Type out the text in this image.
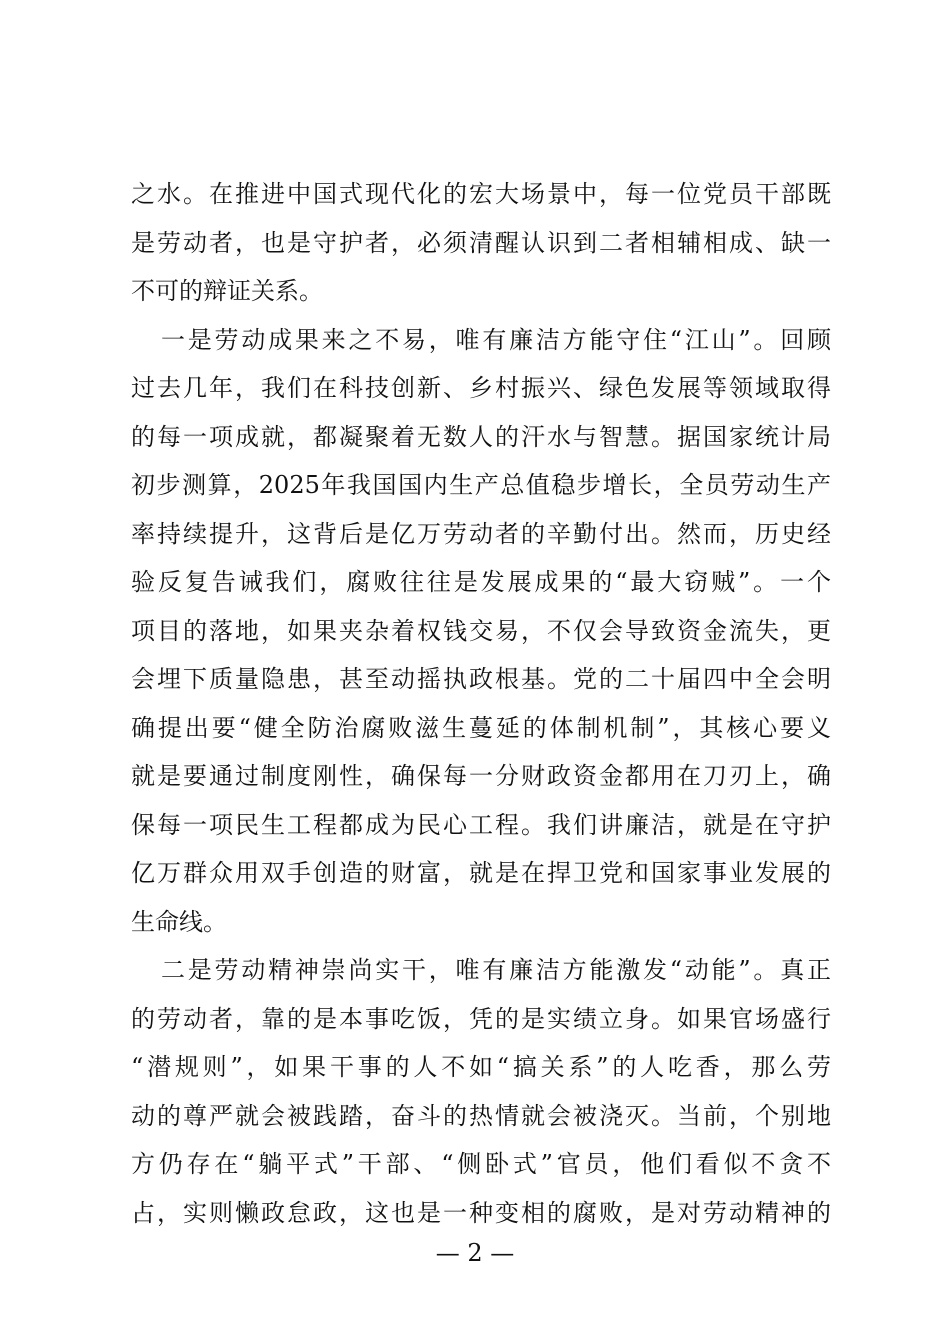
之水。在推进中国式现代化的宏大场景中，每一位党员干部既
是劳动者，也是守护者，必须清醒认识到二者相辅相成、缺一
不可的辩证关系。
一是劳动成果来之不易，唯有廉洁方能守住“江山”。回顾
过去几年，我们在科技创新、乡村振兴、绿色发展等领域取得
的每一项成就，都凝聚着无数人的汗水与智慧。据国家统计局
初步测算，2025年我国国内生产总值稳步增长，全员劳动生产
率持续提升，这背后是亿万劳动者的辛勤付出。然而，历史经
验反复告诫我们，腐败往往是发展成果的“最大窃贼”。一个
项目的落地，如果夹杂着权钱交易，不仅会导致资金流失，更
会埋下质量隐患，甚至动摇执政根基。党的二十届四中全会明
确提出要“健全防治腐败滋生蔓延的体制机制”，其核心要义
就是要通过制度刚性，确保每一分财政资金都用在刀刃上，确
保每一项民生工程都成为民心工程。我们讲廉洁，就是在守护
亿万群众用双手创造的财富，就是在捍卫党和国家事业发展的
生命线。
二是劳动精神崇尚实干，唯有廉洁方能激发“动能”。真正
的劳动者，靠的是本事吃饭，凭的是实绩立身。如果官场盛行
“潜规则”，如果干事的人不如“搞关系”的人吃香，那么劳
动的尊严就会被践踏，奋斗的热情就会被浇灭。当前，个别地
方仍存在“躺平式”干部、“侧卧式”官员，他们看似不贪不
占，实则懒政怠政，这也是一种变相的腐败，是对劳动精神的
— 2 —
